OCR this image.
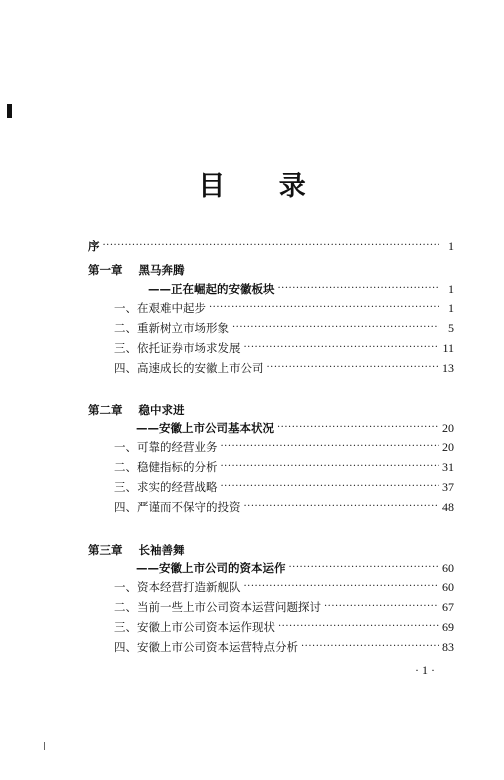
目 录
序 ·····	1
第一章 黑马奔腾
——正在崛起的安徽板块 ·····	1
一、在艰难中起步 ·····	1
二、重新树立市场形象 ·····	5
三、依托证券市场求发展 ·····	11
四、高速成长的安徽上市公司 ·····	13
第二章 稳中求进
——安徽上市公司基本状况 ·····	20
一、可靠的经营业务 ·····	20
二、稳健指标的分析 ·····	31
三、求实的经营战略 ·····	37
四、严谨而不保守的投资 ·····	48
第三章 长袖善舞
——安徽上市公司的资本运作 ·····	60
一、资本经营打造新舰队 ·····	60
二、当前一些上市公司资本运营问题探讨 ·····	67
三、安徽上市公司资本运作现状 ·····	69
四、安徽上市公司资本运营特点分析 ·····	83
· 1 ·
